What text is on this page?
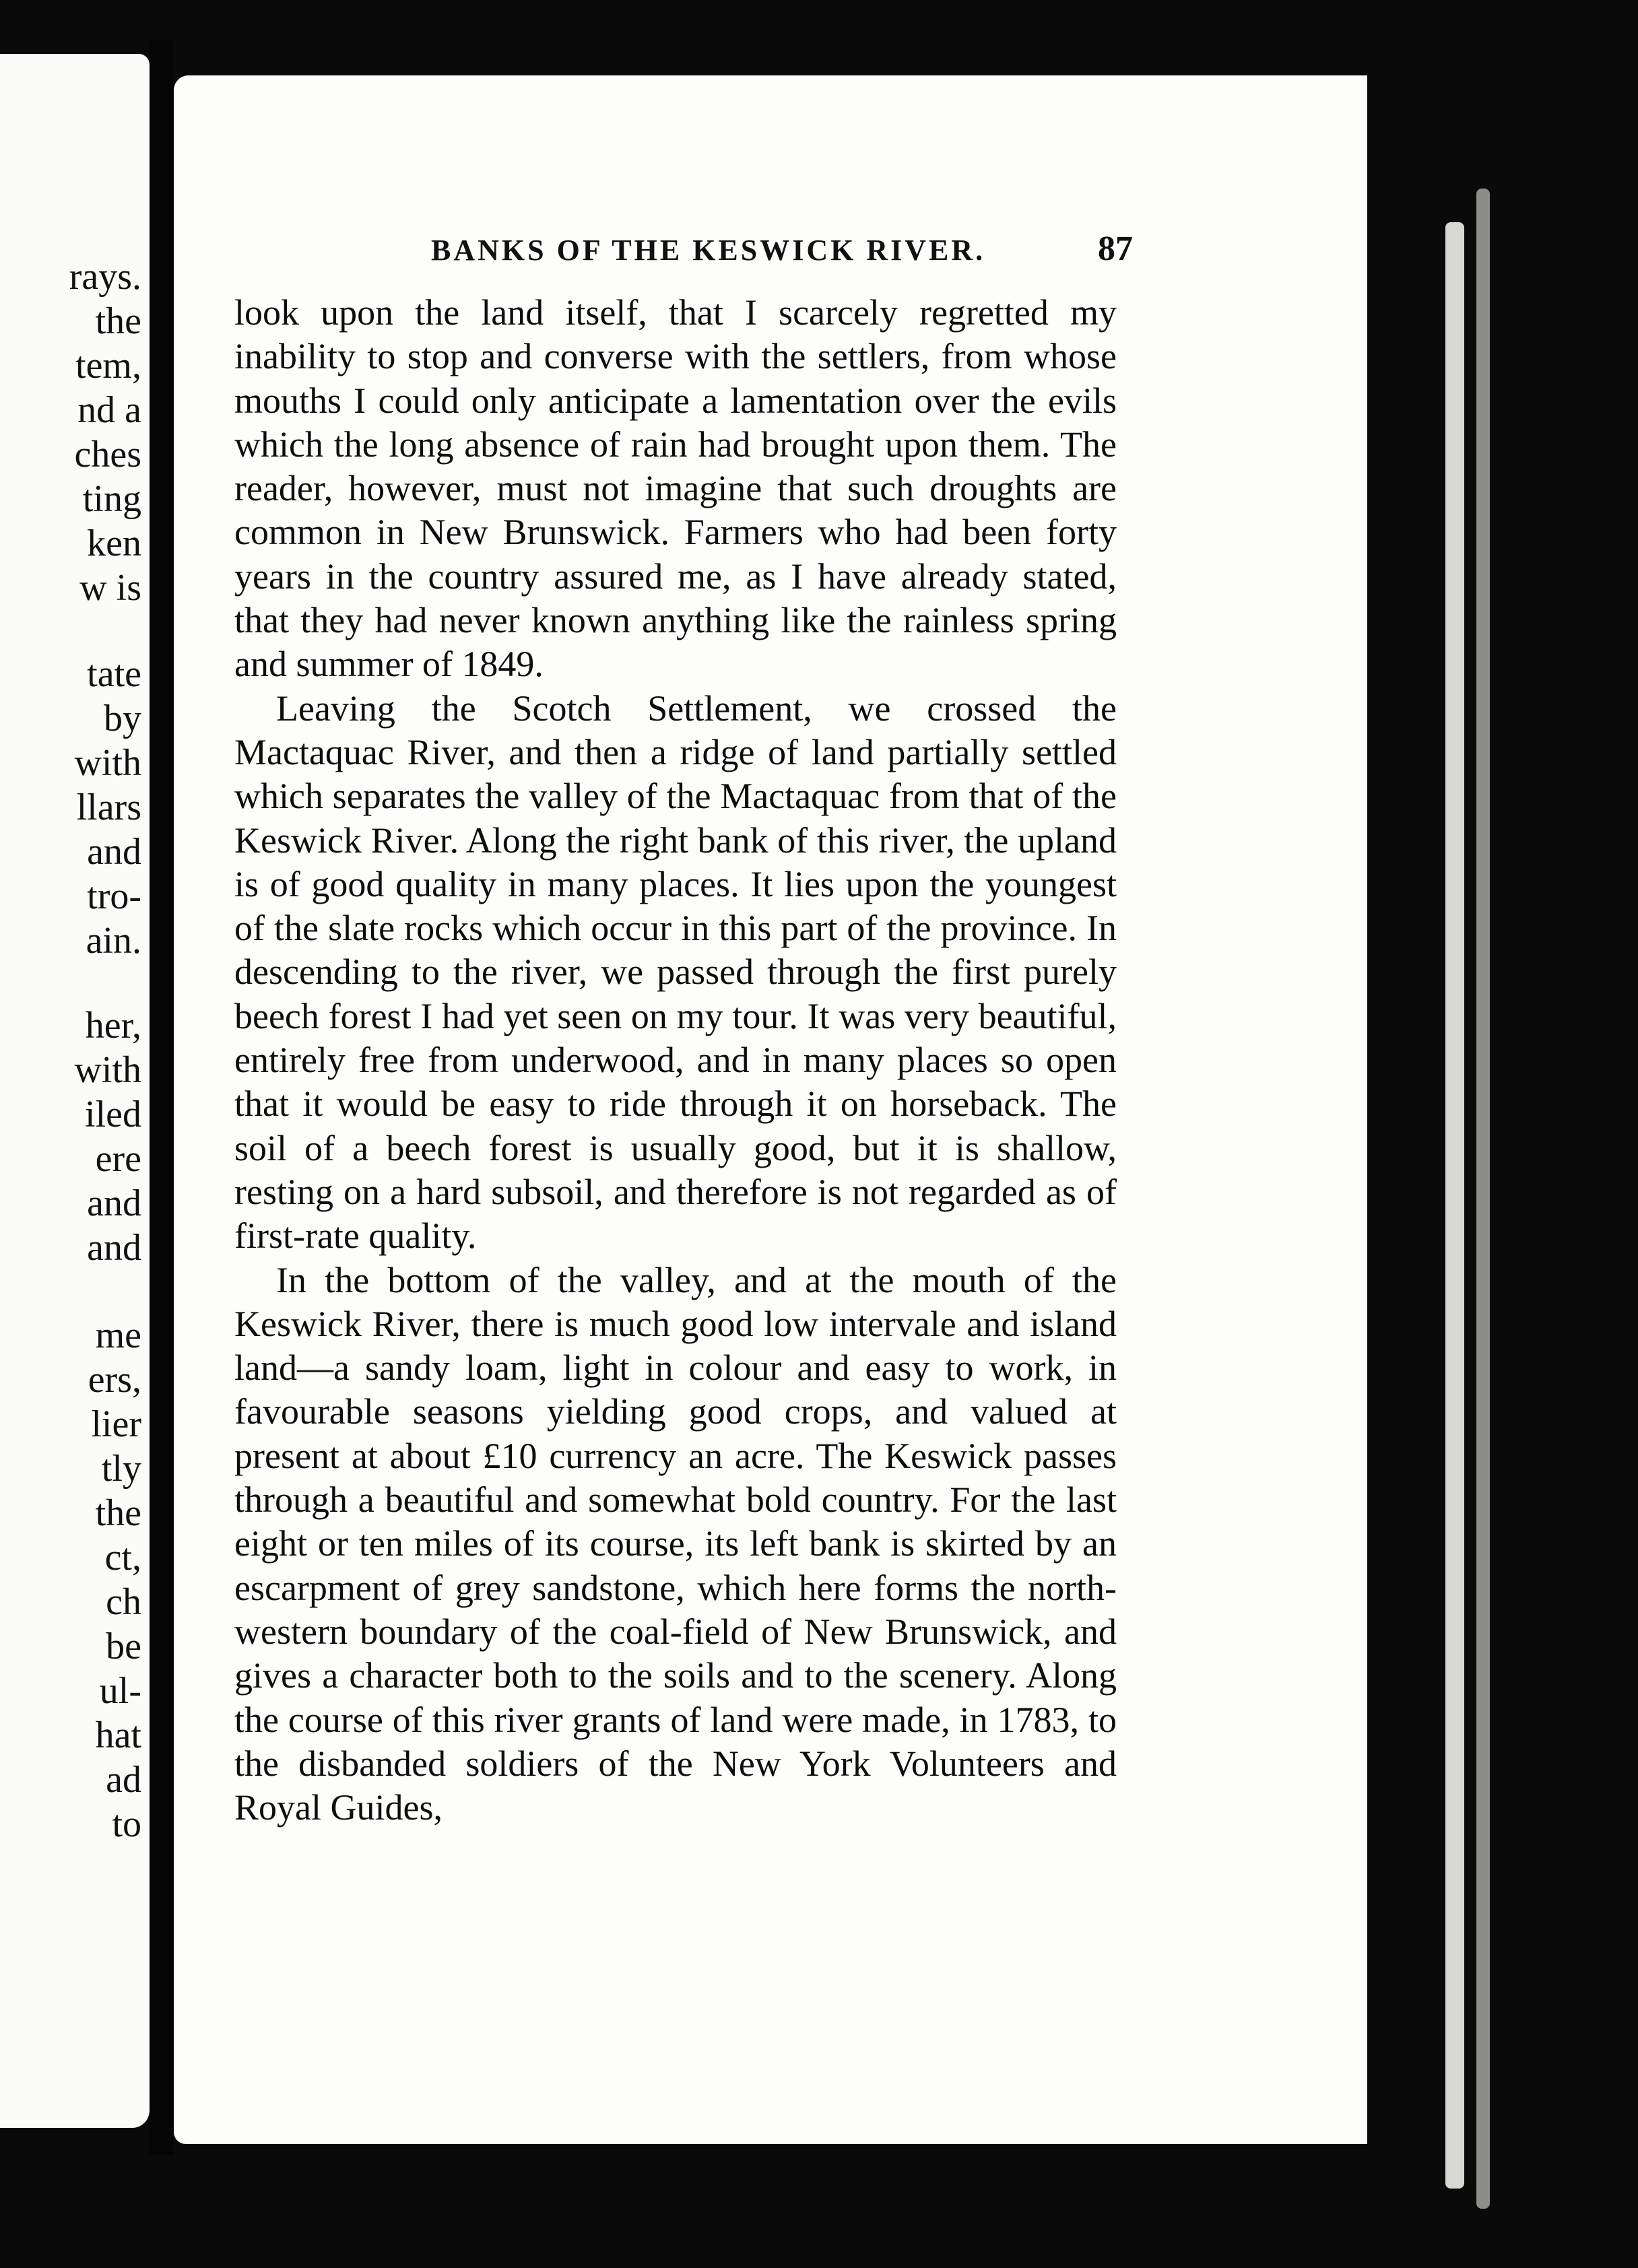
rays.

the

tem,

nd a

ches

ting

ken

w is

tate

by

with

llars

and

tro-

ain.

her,

with

iled

ere

and

and

me

ers,

lier

tly

the

ct,

ch

be

ul-

hat

ad

to

BANKS OF THE KESWICK RIVER.	87

look upon the land itself, that I scarcely regretted my inability to stop and converse with the settlers, from whose mouths I could only anticipate a lamentation over the evils which the long absence of rain had brought upon them. The reader, however, must not imagine that such droughts are common in New Brunswick. Farmers who had been forty years in the country assured me, as I have already stated, that they had never known anything like the rainless spring and summer of 1849.

Leaving the Scotch Settlement, we crossed the Mactaquac River, and then a ridge of land partially settled which separates the valley of the Mactaquac from that of the Keswick River. Along the right bank of this river, the upland is of good quality in many places. It lies upon the youngest of the slate rocks which occur in this part of the province. In descending to the river, we passed through the first purely beech forest I had yet seen on my tour. It was very beautiful, entirely free from underwood, and in many places so open that it would be easy to ride through it on horseback. The soil of a beech forest is usually good, but it is shallow, resting on a hard subsoil, and therefore is not regarded as of first-rate quality.

In the bottom of the valley, and at the mouth of the Keswick River, there is much good low intervale and island land—a sandy loam, light in colour and easy to work, in favourable seasons yielding good crops, and valued at present at about £10 currency an acre. The Keswick passes through a beautiful and somewhat bold country. For the last eight or ten miles of its course, its left bank is skirted by an escarpment of grey sandstone, which here forms the north-western boundary of the coal-field of New Brunswick, and gives a character both to the soils and to the scenery. Along the course of this river grants of land were made, in 1783, to the disbanded soldiers of the New York Volunteers and Royal Guides,
